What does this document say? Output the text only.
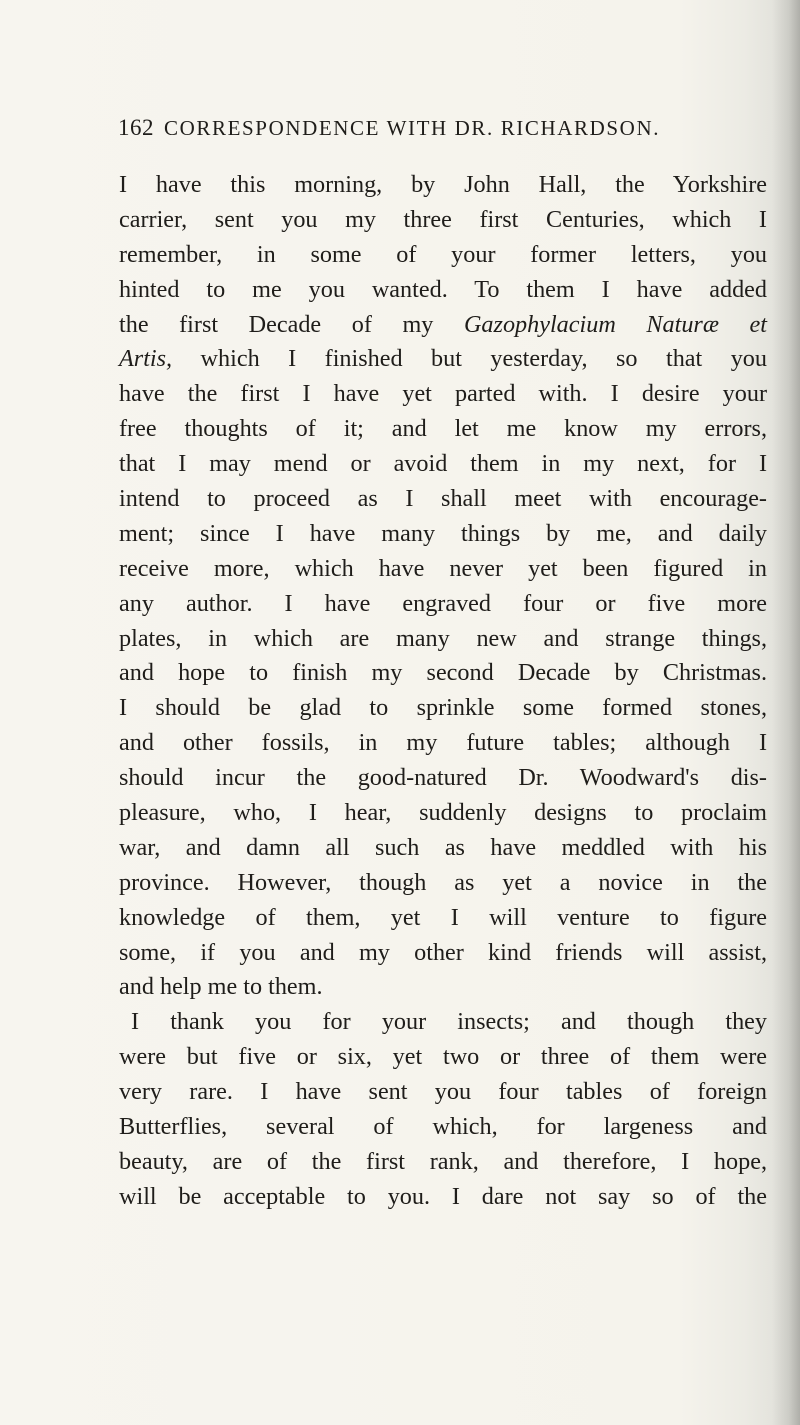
162 CORRESPONDENCE WITH DR. RICHARDSON.
I have this morning, by John Hall, the Yorkshire
carrier, sent you my three first Centuries, which I
remember, in some of your former letters, you
hinted to me you wanted. To them I have added
the first Decade of my Gazophylacium Naturæ et
Artis, which I finished but yesterday, so that you
have the first I have yet parted with. I desire your
free thoughts of it; and let me know my errors,
that I may mend or avoid them in my next, for I
intend to proceed as I shall meet with encourage-
ment; since I have many things by me, and daily
receive more, which have never yet been figured in
any author. I have engraved four or five more
plates, in which are many new and strange things,
and hope to finish my second Decade by Christmas.
I should be glad to sprinkle some formed stones,
and other fossils, in my future tables; although I
should incur the good-natured Dr. Woodward's dis-
pleasure, who, I hear, suddenly designs to proclaim
war, and damn all such as have meddled with his
province. However, though as yet a novice in the
knowledge of them, yet I will venture to figure
some, if you and my other kind friends will assist,
and help me to them.
I thank you for your insects; and though they
were but five or six, yet two or three of them were
very rare. I have sent you four tables of foreign
Butterflies, several of which, for largeness and
beauty, are of the first rank, and therefore, I hope,
will be acceptable to you. I dare not say so of the
